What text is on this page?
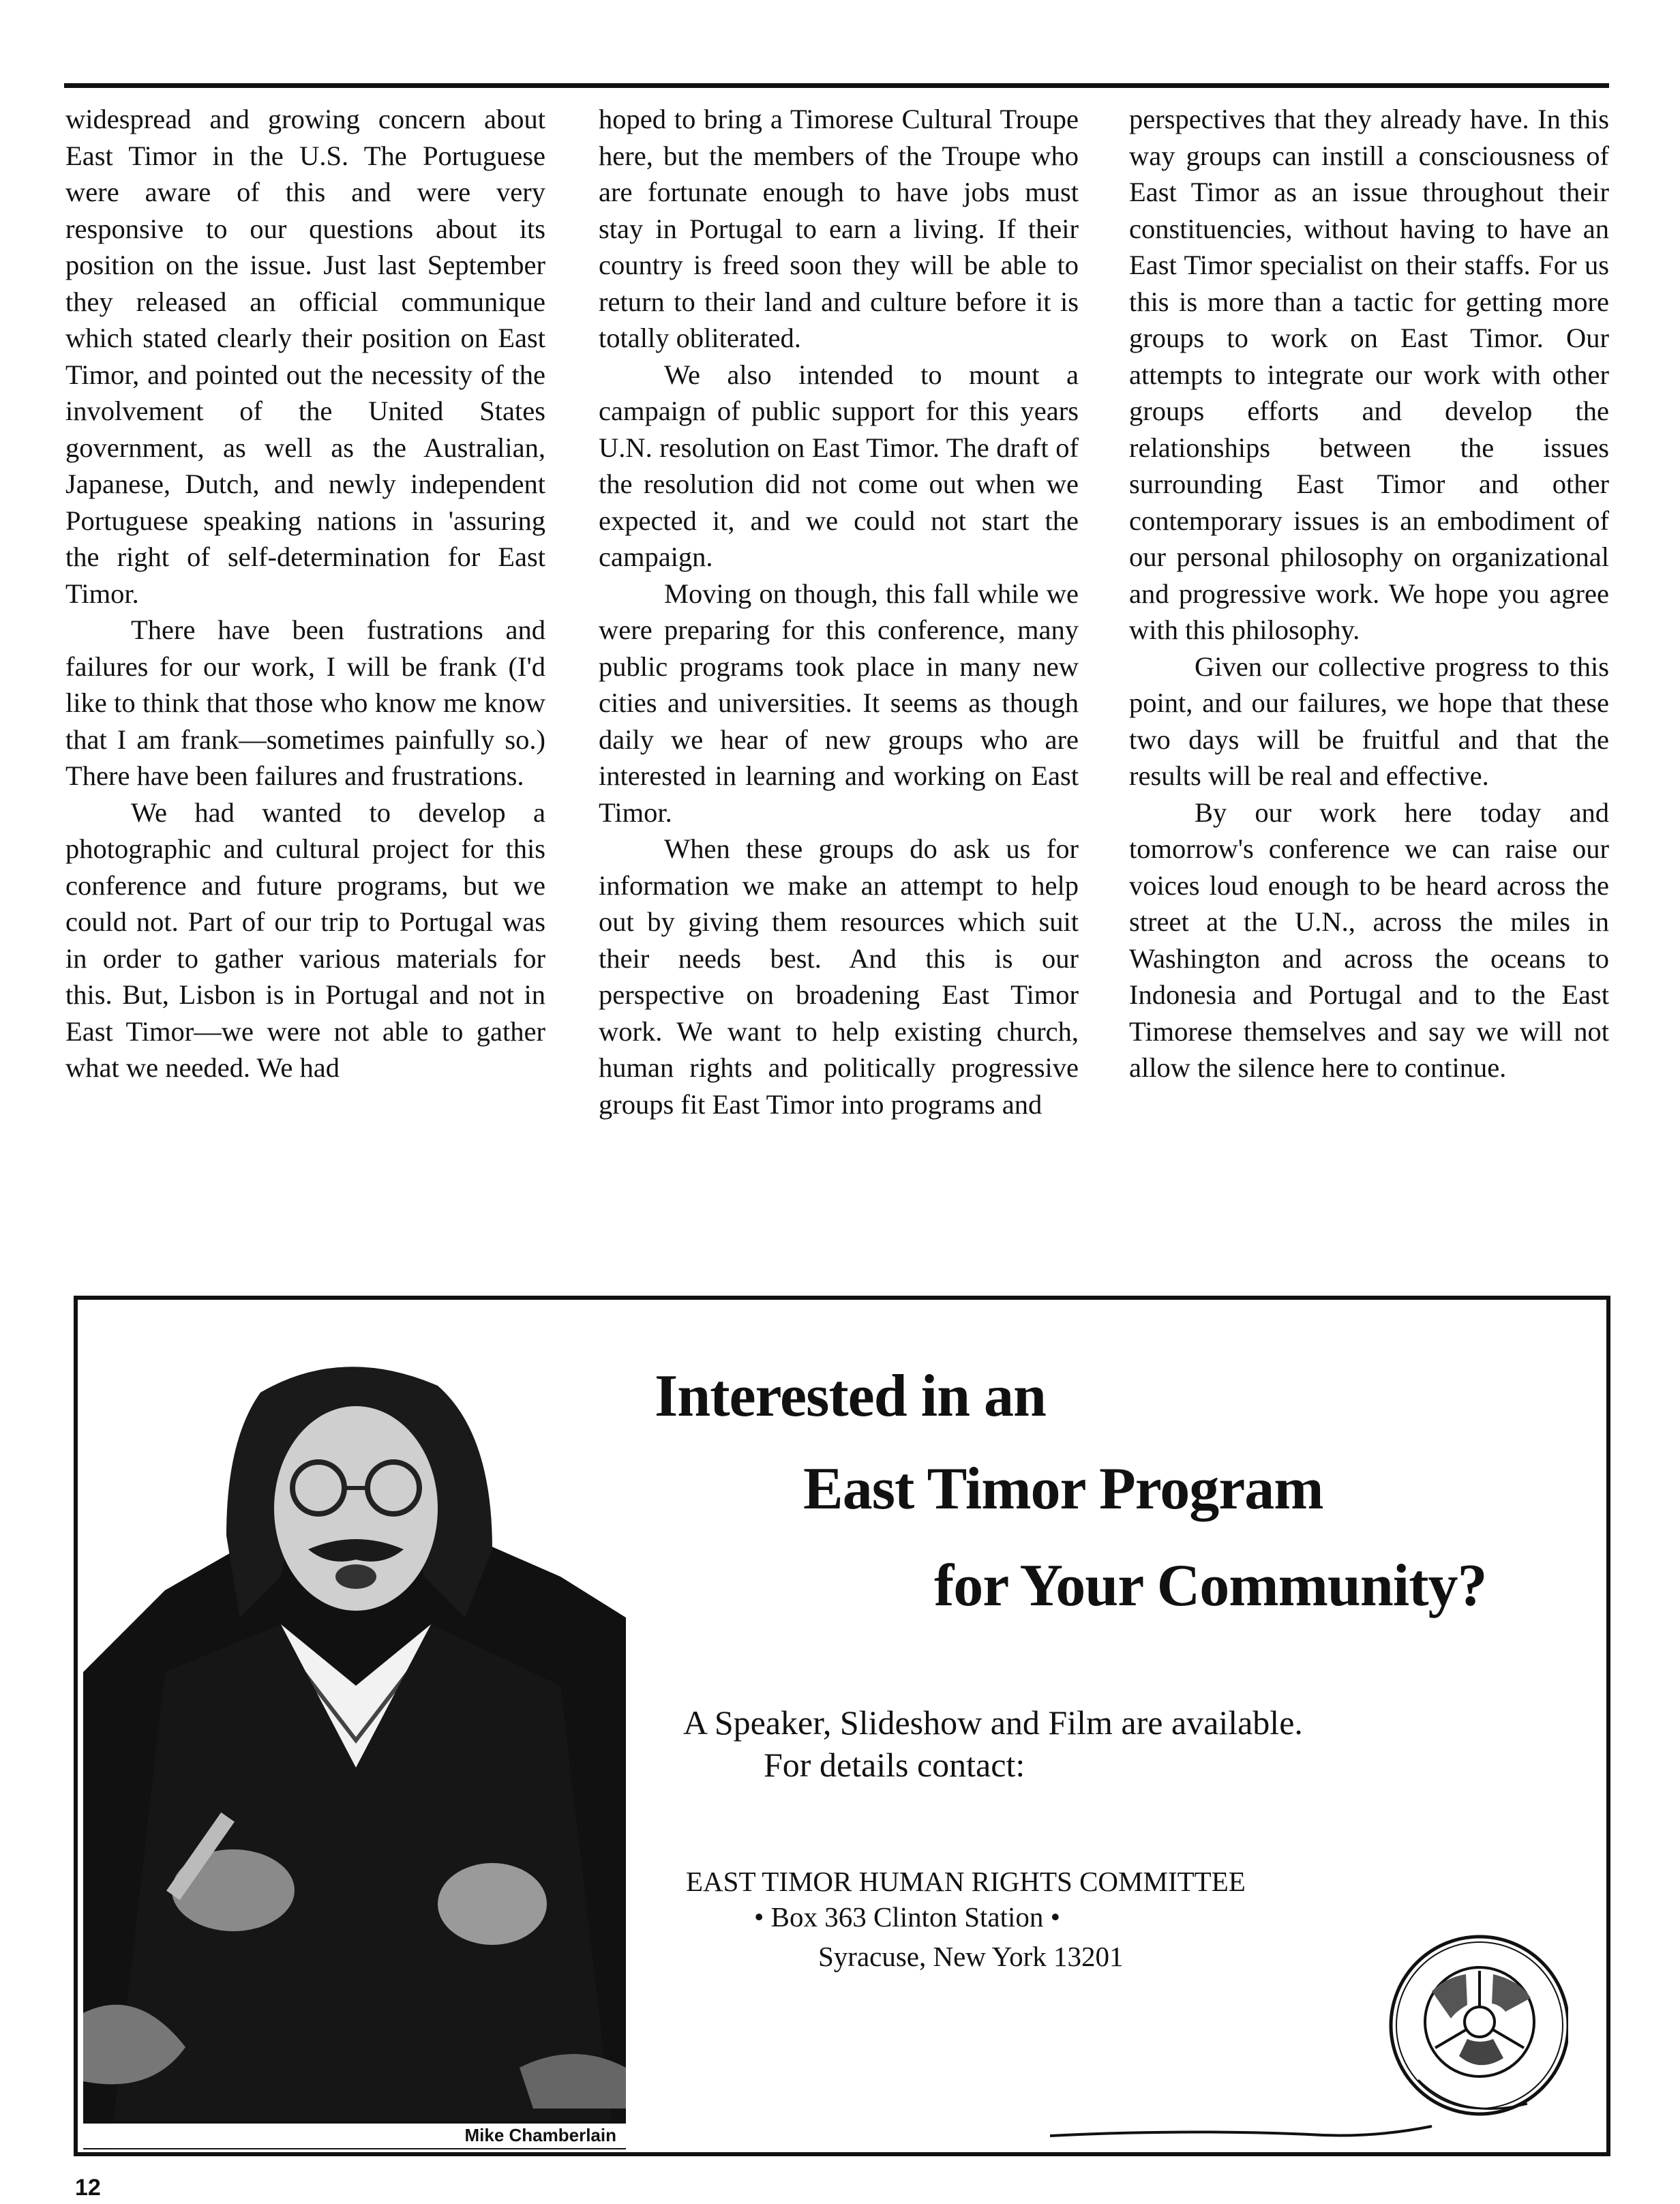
widespread and growing concern about East Timor in the U.S. The Portuguese were aware of this and were very responsive to our questions about its position on the issue. Just last September they released an official communique which stated clearly their position on East Timor, and pointed out the necessity of the involvement of the United States government, as well as the Australian, Japanese, Dutch, and newly independent Portuguese speaking nations in 'assuring the right of self-determination for East Timor.

There have been fustrations and failures for our work, I will be frank (I'd like to think that those who know me know that I am frank—sometimes painfully so.) There have been failures and frustrations.

We had wanted to develop a photographic and cultural project for this conference and future programs, but we could not. Part of our trip to Portugal was in order to gather various materials for this. But, Lisbon is in Portugal and not in East Timor—we were not able to gather what we needed. We had

hoped to bring a Timorese Cultural Troupe here, but the members of the Troupe who are fortunate enough to have jobs must stay in Portugal to earn a living. If their country is freed soon they will be able to return to their land and culture before it is totally obliterated.

We also intended to mount a campaign of public support for this years U.N. resolution on East Timor. The draft of the resolution did not come out when we expected it, and we could not start the campaign.

Moving on though, this fall while we were preparing for this conference, many public programs took place in many new cities and universities. It seems as though daily we hear of new groups who are interested in learning and working on East Timor.

When these groups do ask us for information we make an attempt to help out by giving them resources which suit their needs best. And this is our perspective on broadening East Timor work. We want to help existing church, human rights and politically progressive groups fit East Timor into programs and

perspectives that they already have. In this way groups can instill a consciousness of East Timor as an issue throughout their constituencies, without having to have an East Timor specialist on their staffs. For us this is more than a tactic for getting more groups to work on East Timor. Our attempts to integrate our work with other groups efforts and develop the relationships between the issues surrounding East Timor and other contemporary issues is an embodiment of our personal philosophy on organizational and progressive work. We hope you agree with this philosophy.

Given our collective progress to this point, and our failures, we hope that these two days will be fruitful and that the results will be real and effective.

By our work here today and tomorrow's conference we can raise our voices loud enough to be heard across the street at the U.N., across the miles in Washington and across the oceans to Indonesia and Portugal and to the East Timorese themselves and say we will not allow the silence here to continue.

Mike Chamberlain
Interested in an
East Timor Program
for Your Community?
A Speaker, Slideshow and Film are available.
For details contact:
EAST TIMOR HUMAN RIGHTS COMMITTEE
• Box 363 Clinton Station •
Syracuse, New York 13201
12
